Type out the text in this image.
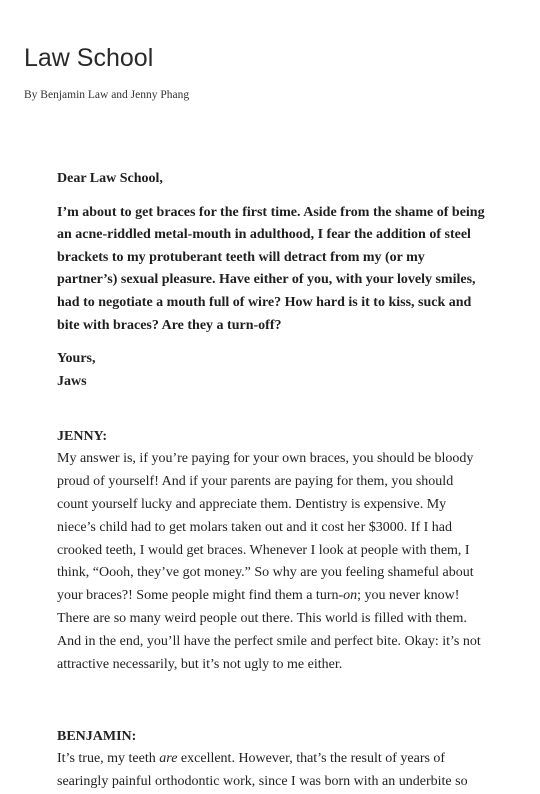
Law School
By Benjamin Law and Jenny Phang

Dear Law School,

I’m about to get braces for the first time. Aside from the shame of being an acne-riddled metal-mouth in adulthood, I fear the addition of steel brackets to my protuberant teeth will detract from my (or my partner’s) sexual pleasure. Have either of you, with your lovely smiles, had to negotiate a mouth full of wire? How hard is it to kiss, suck and bite with braces? Are they a turn-off?

Yours,
Jaws

JENNY:

My answer is, if you’re paying for your own braces, you should be bloody proud of yourself! And if your parents are paying for them, you should count yourself lucky and appreciate them. Dentistry is expensive. My niece’s child had to get molars taken out and it cost her $3000. If I had crooked teeth, I would get braces. Whenever I look at people with them, I think, “Oooh, they’ve got money.” So why are you feeling shameful about your braces?! Some people might find them a turn-on; you never know! There are so many weird people out there. This world is filled with them. And in the end, you’ll have the perfect smile and perfect bite. Okay: it’s not attractive necessarily, but it’s not ugly to me either.

BENJAMIN:

It’s true, my teeth are excellent. However, that’s the result of years of searingly painful orthodontic work, since I was born with an underbite so
